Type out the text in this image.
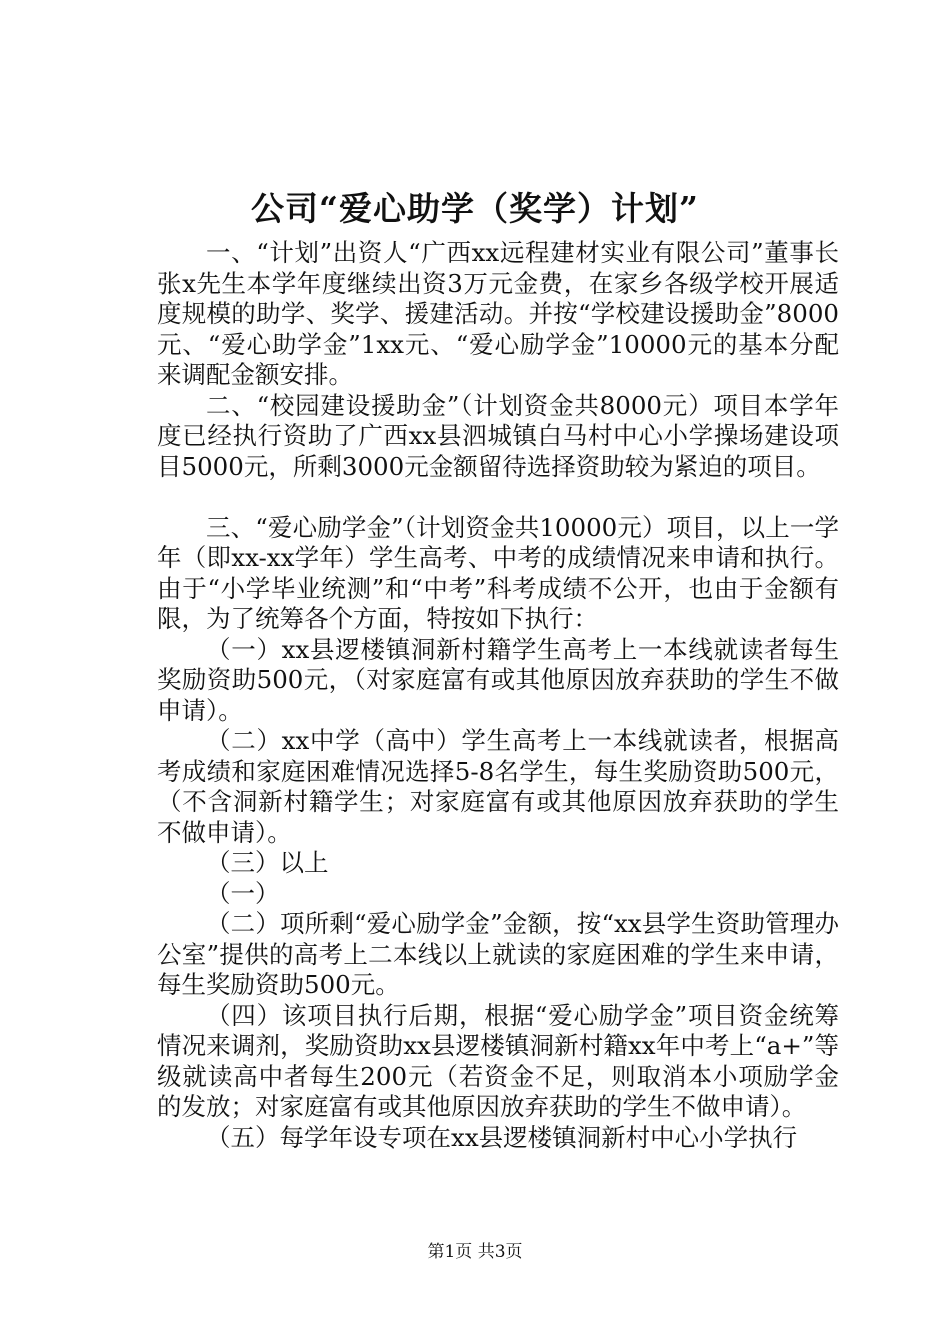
公司“爱心助学（奖学）计划”

一、“计划”出资人“广西xx远程建材实业有限公司”董事长张x先生本学年度继续出资3万元金费，在家乡各级学校开展适度规模的助学、奖学、援建活动。并按“学校建设援助金”8000元、“爱心助学金”1xx元、“爱心励学金”10000元的基本分配来调配金额安排。

二、“校园建设援助金”（计划资金共8000元）项目本学年度已经执行资助了广西xx县泗城镇白马村中心小学操场建设项目5000元，所剩3000元金额留待选择资助较为紧迫的项目。

三、“爱心励学金”（计划资金共10000元）项目，以上一学年（即xx-xx学年）学生高考、中考的成绩情况来申请和执行。由于“小学毕业统测”和“中考”科考成绩不公开，也由于金额有限，为了统筹各个方面，特按如下执行：

（一）xx县逻楼镇洞新村籍学生高考上一本线就读者每生奖励资助500元，（对家庭富有或其他原因放弃获助的学生不做申请）。

（二）xx中学（高中）学生高考上一本线就读者，根据高考成绩和家庭困难情况选择5-8名学生，每生奖励资助500元，（不含洞新村籍学生；对家庭富有或其他原因放弃获助的学生不做申请）。

（三）以上

（一）

（二）项所剩“爱心励学金”金额，按“xx县学生资助管理办公室”提供的高考上二本线以上就读的家庭困难的学生来申请，每生奖励资助500元。

（四）该项目执行后期，根据“爱心励学金”项目资金统筹情况来调剂，奖励资助xx县逻楼镇洞新村籍xx年中考上“a+”等级就读高中者每生200元（若资金不足，则取消本小项励学金的发放；对家庭富有或其他原因放弃获助的学生不做申请）。

（五）每学年设专项在xx县逻楼镇洞新村中心小学执行

第1页 共3页
